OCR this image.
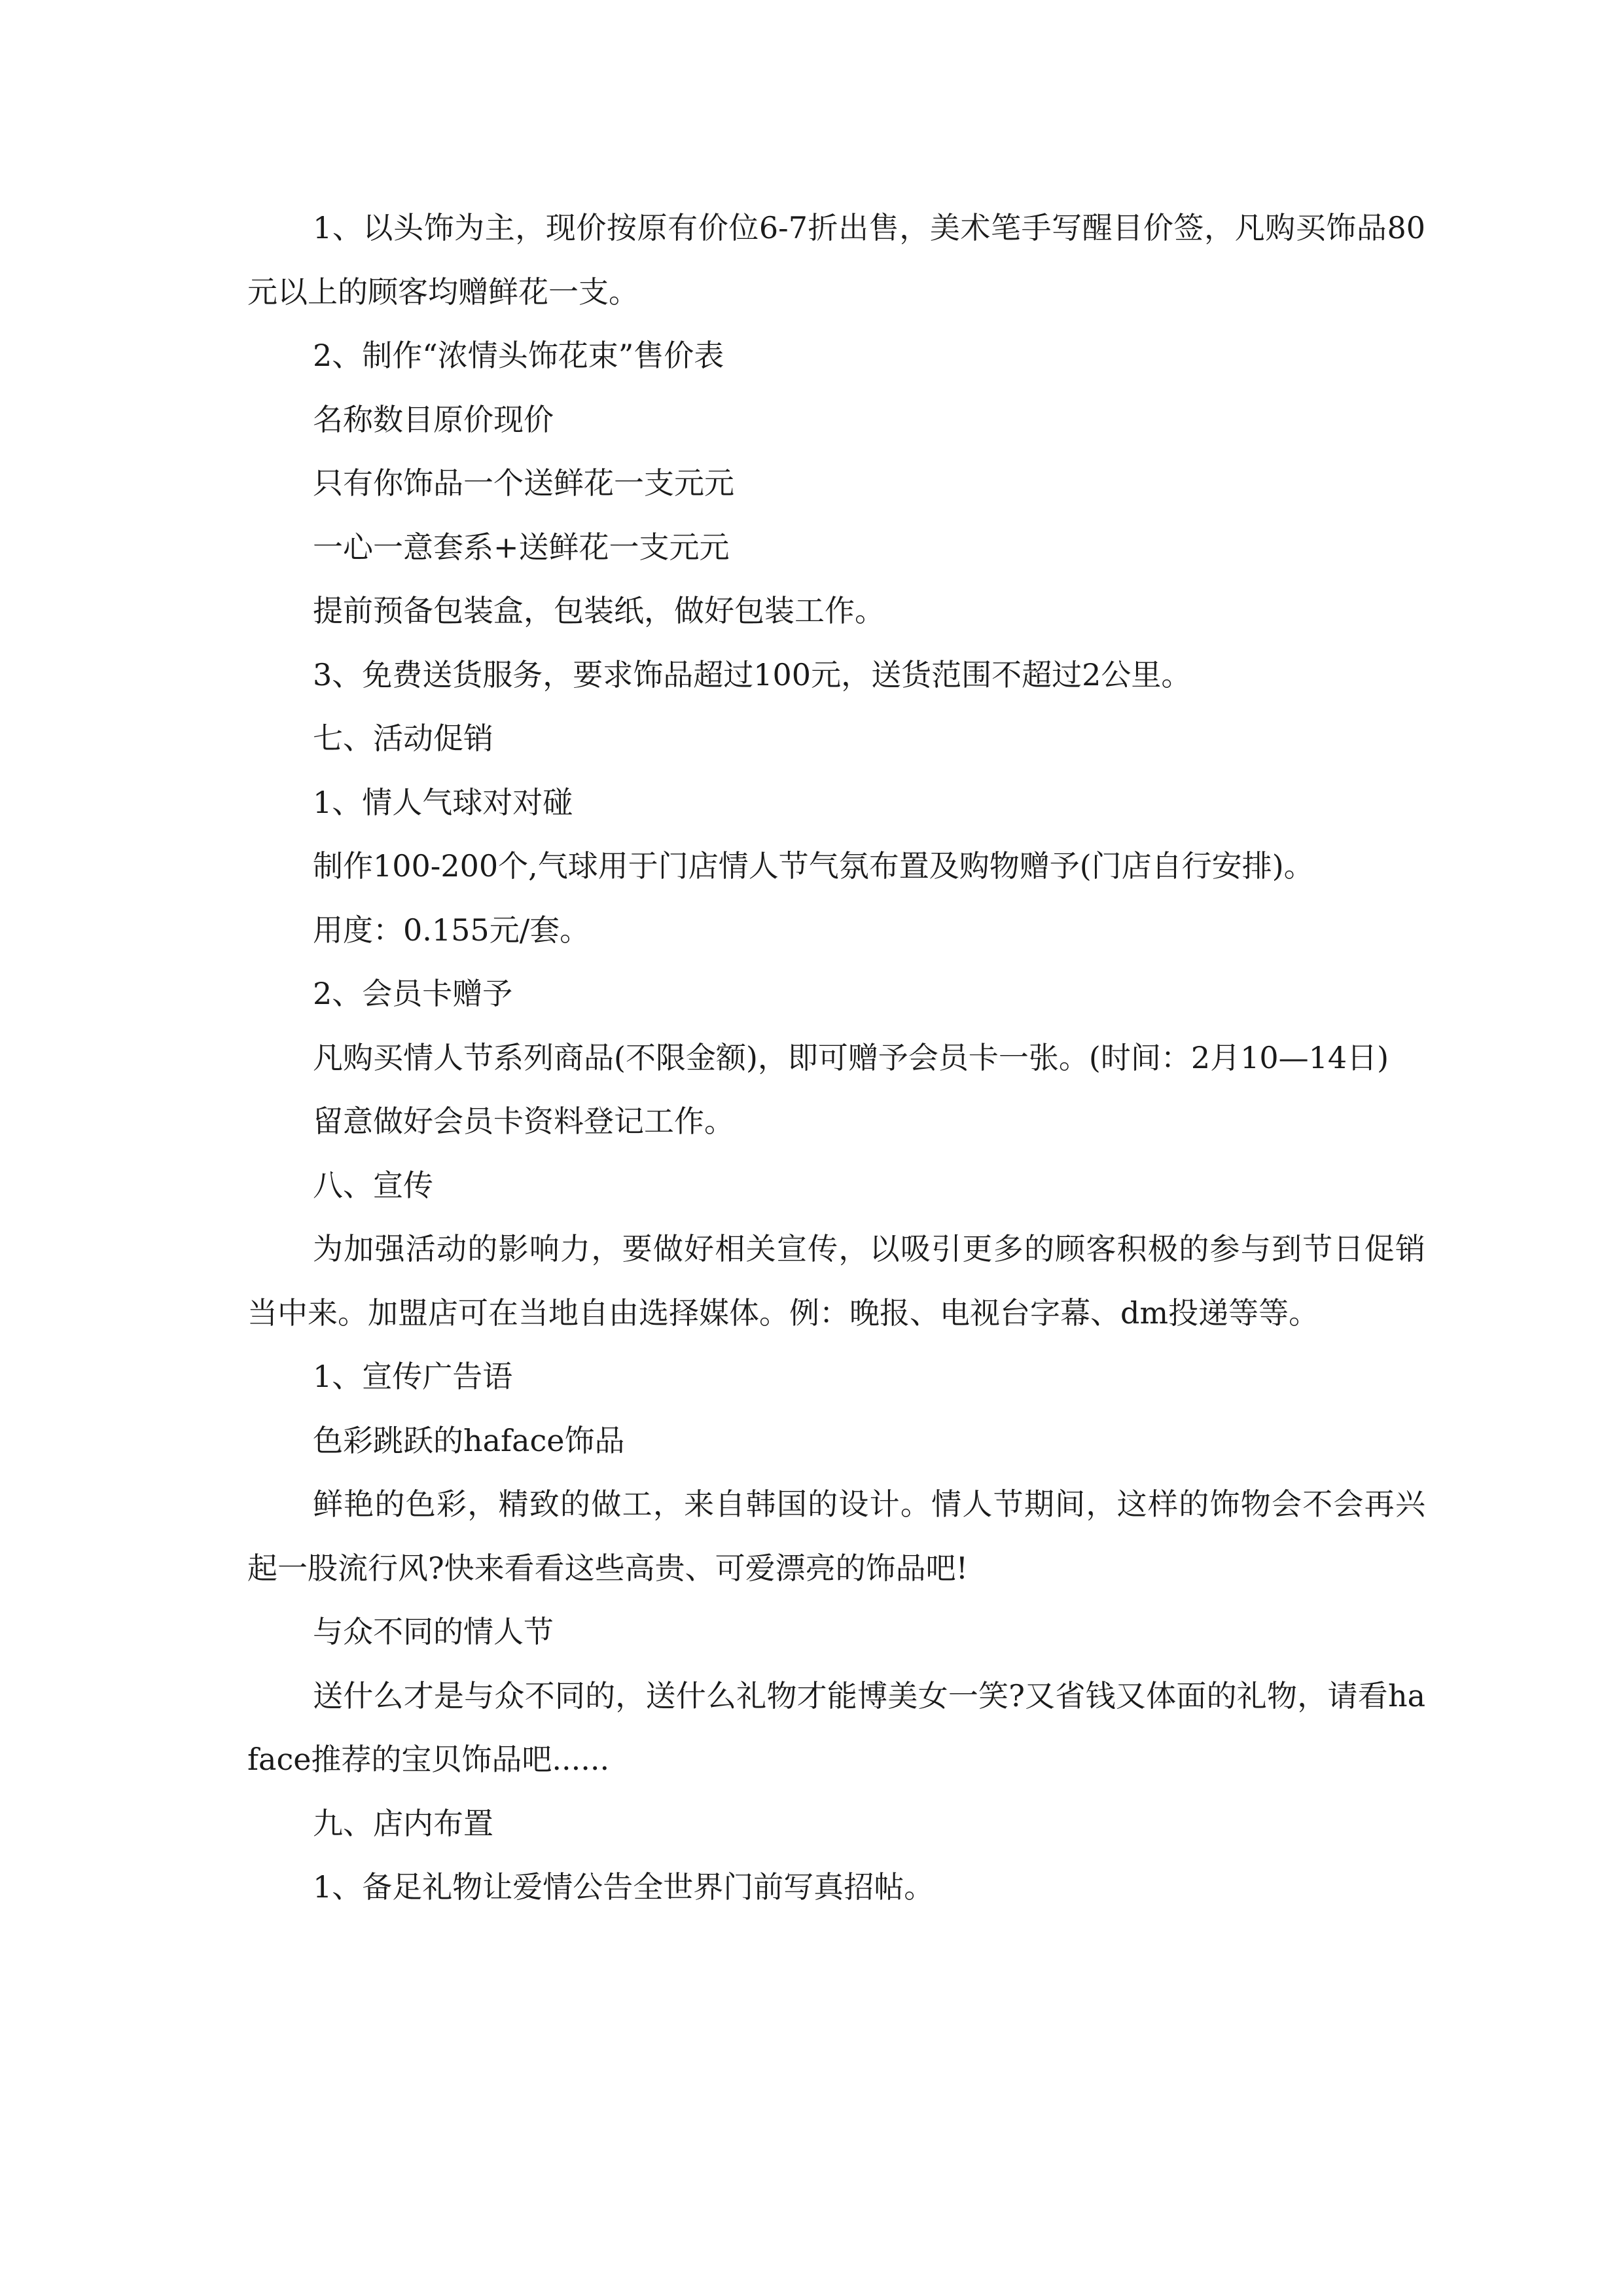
1、以头饰为主，现价按原有价位6-7折出售，美术笔手写醒目价签，凡购买饰品80元以上的顾客均赠鲜花一支。

2、制作“浓情头饰花束”售价表

名称数目原价现价

只有你饰品一个送鲜花一支元元

一心一意套系+送鲜花一支元元

提前预备包装盒，包装纸，做好包装工作。

3、免费送货服务，要求饰品超过100元，送货范围不超过2公里。

七、活动促销

1、情人气球对对碰

制作100-200个,气球用于门店情人节气氛布置及购物赠予(门店自行安排)。

用度：0.155元/套。

2、会员卡赠予

凡购买情人节系列商品(不限金额)，即可赠予会员卡一张。(时间：2月10—14日)

留意做好会员卡资料登记工作。

八、宣传

为加强活动的影响力，要做好相关宣传，以吸引更多的顾客积极的参与到节日促销当中来。加盟店可在当地自由选择媒体。例：晚报、电视台字幕、dm投递等等。

1、宣传广告语

色彩跳跃的haface饰品

鲜艳的色彩，精致的做工，来自韩国的设计。情人节期间，这样的饰物会不会再兴起一股流行风?快来看看这些高贵、可爱漂亮的饰品吧!

与众不同的情人节

送什么才是与众不同的，送什么礼物才能博美女一笑?又省钱又体面的礼物，请看haface推荐的宝贝饰品吧......

九、店内布置

1、备足礼物让爱情公告全世界门前写真招帖。
